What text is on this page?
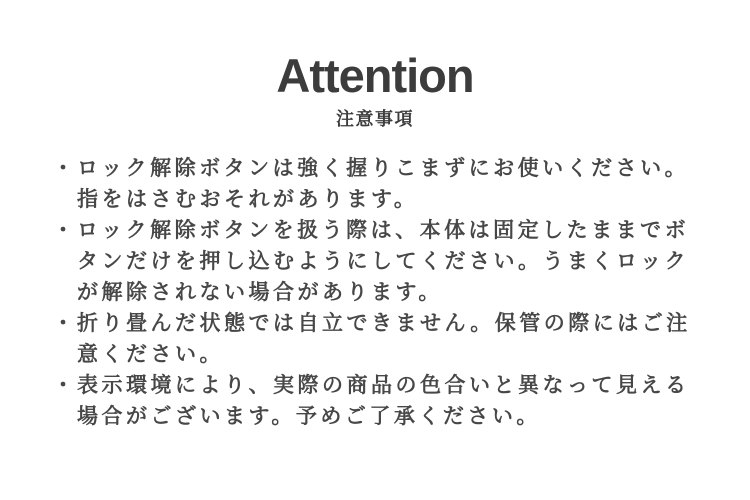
Attention

注意事項

・ ロック解除ボタンは強く握りこまずにお使いください。指をはさむおそれがあります。
・ ロック解除ボタンを扱う際は、本体は固定したままでボタンだけを押し込むようにしてください。うまくロックが解除されない場合があります。
・ 折り畳んだ状態では自立できません。保管の際にはご注意ください。
・ 表示環境により、実際の商品の色合いと異なって見える場合がございます。予めご了承ください。
